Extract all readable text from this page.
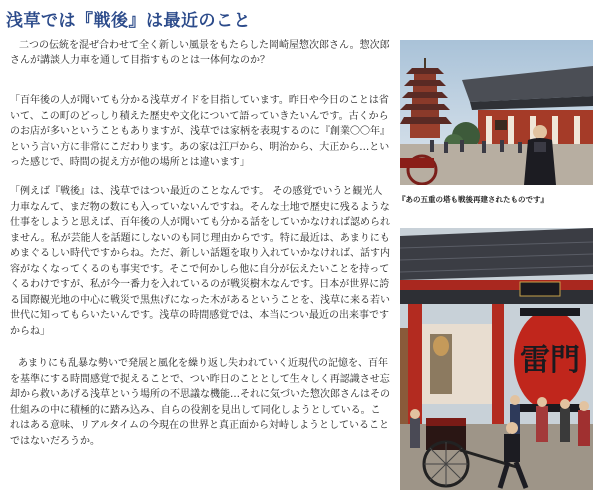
浅草では『戦後』は最近のこと

二つの伝統を混ぜ合わせて全く新しい風景をもたらした岡崎屋惣次郎さん。惣次郎さんが講談人力車を通して目指すものとは一体何なのか？

「百年後の人が聞いても分かる浅草ガイドを目指しています。昨日や今日のことは省いて、この町のどっしり積えた歴史や文化について語っていきたいんです。古くからのお店が多いということもありますが、浅草では家柄を表現するのに『創業〇〇年』という言い方に非常にこだわります。あの家は江戸から、明治から、大正から…といった感じで、時間の捉え方が他の場所とは違います」

「例えば『戦後』は、浅草ではつい最近のことなんです。 その感覚でいうと観光人力車なんて、まだ物の数にも入っていないんですね。そんな土地で歴史に残るような仕事をしようと思えば、百年後の人が聞いても分かる話をしていかなければ認められません。私が芸能人を話題にしないのも同じ理由からです。特に最近は、あまりにもめまぐるしい時代ですからね。ただ、新しい話題を取り入れていかなければ、話す内容がなくなってくるのも事実です。そこで何かしら他に自分が伝えたいことを持ってくるわけですが、私が今一番力を入れているのが戦災樹木なんです。日本が世界に誇る国際観光地の中心に戦災で黒焦げになった木があるということを、浅草に来る若い世代に知ってもらいたいんです。浅草の時間感覚では、本当につい最近の出来事ですからね」

あまりにも乱暴な勢いで発展と風化を繰り返し失われていく近現代の記憶を、百年を基準にする時間感覚で捉えることで、つい昨日のこととして生々しく再認識させ忘却から救いあげる浅草という場所の不思議な機能…それに気づいた惣次郎さんはその仕組みの中に積極的に踏み込み、自らの役割を見出して同化しようとしている。これはある意味、リアルタイムの今現在の世界と真正面から対峙しようとしていることではないだろうか。

『あの五重の塔も戦後再建されたものです』

雷門
